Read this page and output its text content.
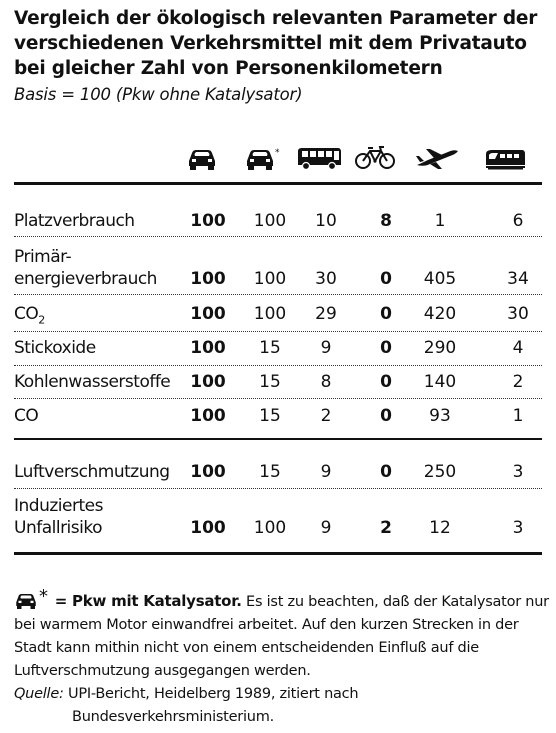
Vergleich der ökologisch relevanten Parameter der verschiedenen Verkehrsmittel mit dem Privatauto bei gleicher Zahl von Personenkilometern
Basis = 100 (Pkw ohne Katalysator)
*
Platzverbrauch	100	100	10	8	1	6
Primär-
energieverbrauch	100	100	30	0	405	34
$CO_2$	100	100	29	0	420	30
Stickoxide	100	15	9	0	290	4
Kohlenwasserstoffe	100	15	8	0	140	2
CO	100	15	2	0	93	1
Luftverschmutzung	100	15	9	0	250	3
Induziertes
Unfallrisiko	100	100	9	2	12	3
* = Pkw mit Katalysator. Es ist zu beachten, daß der Katalysator nur bei warmem Motor einwandfrei arbeitet. Auf den kurzen Strecken in der Stadt kann mithin nicht von einem entscheidenden Einfluß auf die Luftverschmutzung ausgegangen werden.
Quelle: UPI-Bericht, Heidelberg 1989, zitiert nach
Bundesverkehrsministerium.
